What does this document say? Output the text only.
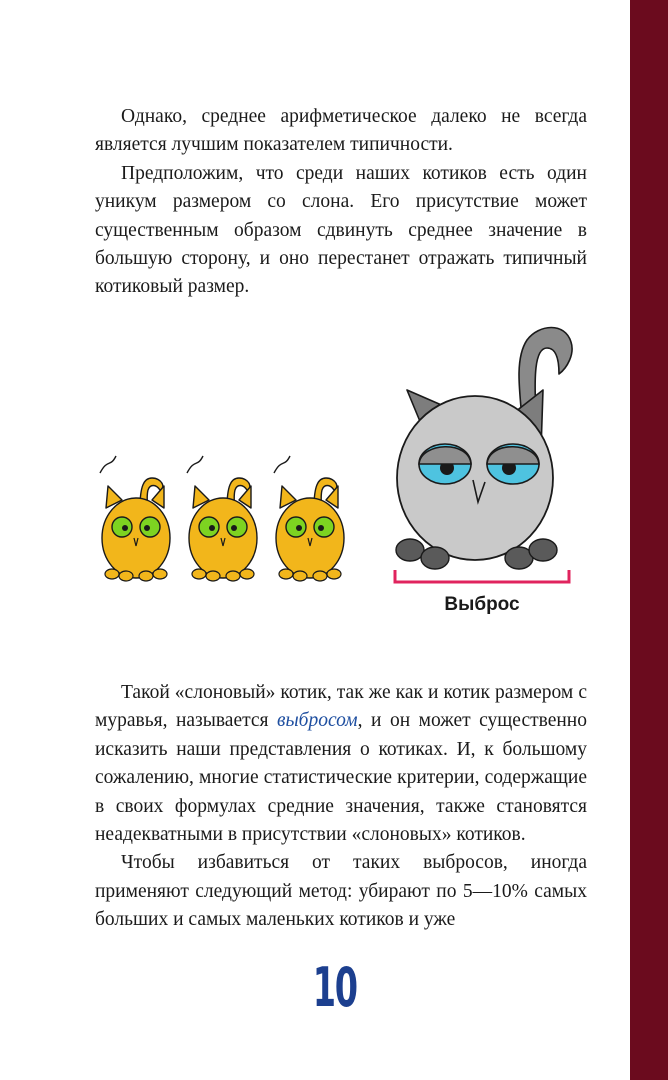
Однако, среднее арифметическое далеко не всегда является лучшим показателем типичности.

Предположим, что среди наших котиков есть один уникум размером со слона. Его присутствие может существенным образом сдвинуть среднее значение в большую сторону, и оно перестанет отражать типичный котиковый размер.

Выброс

Такой «слоновый» котик, так же как и котик размером с муравья, называется выбросом, и он может существенно исказить наши представления о котиках. И, к большому сожалению, многие статистические критерии, содержащие в своих формулах средние значения, также становятся неадекватными в присутствии «слоновых» котиков.

Чтобы избавиться от таких выбросов, иногда применяют следующий метод: убирают по 5—10% самых больших и самых маленьких котиков и уже

10
